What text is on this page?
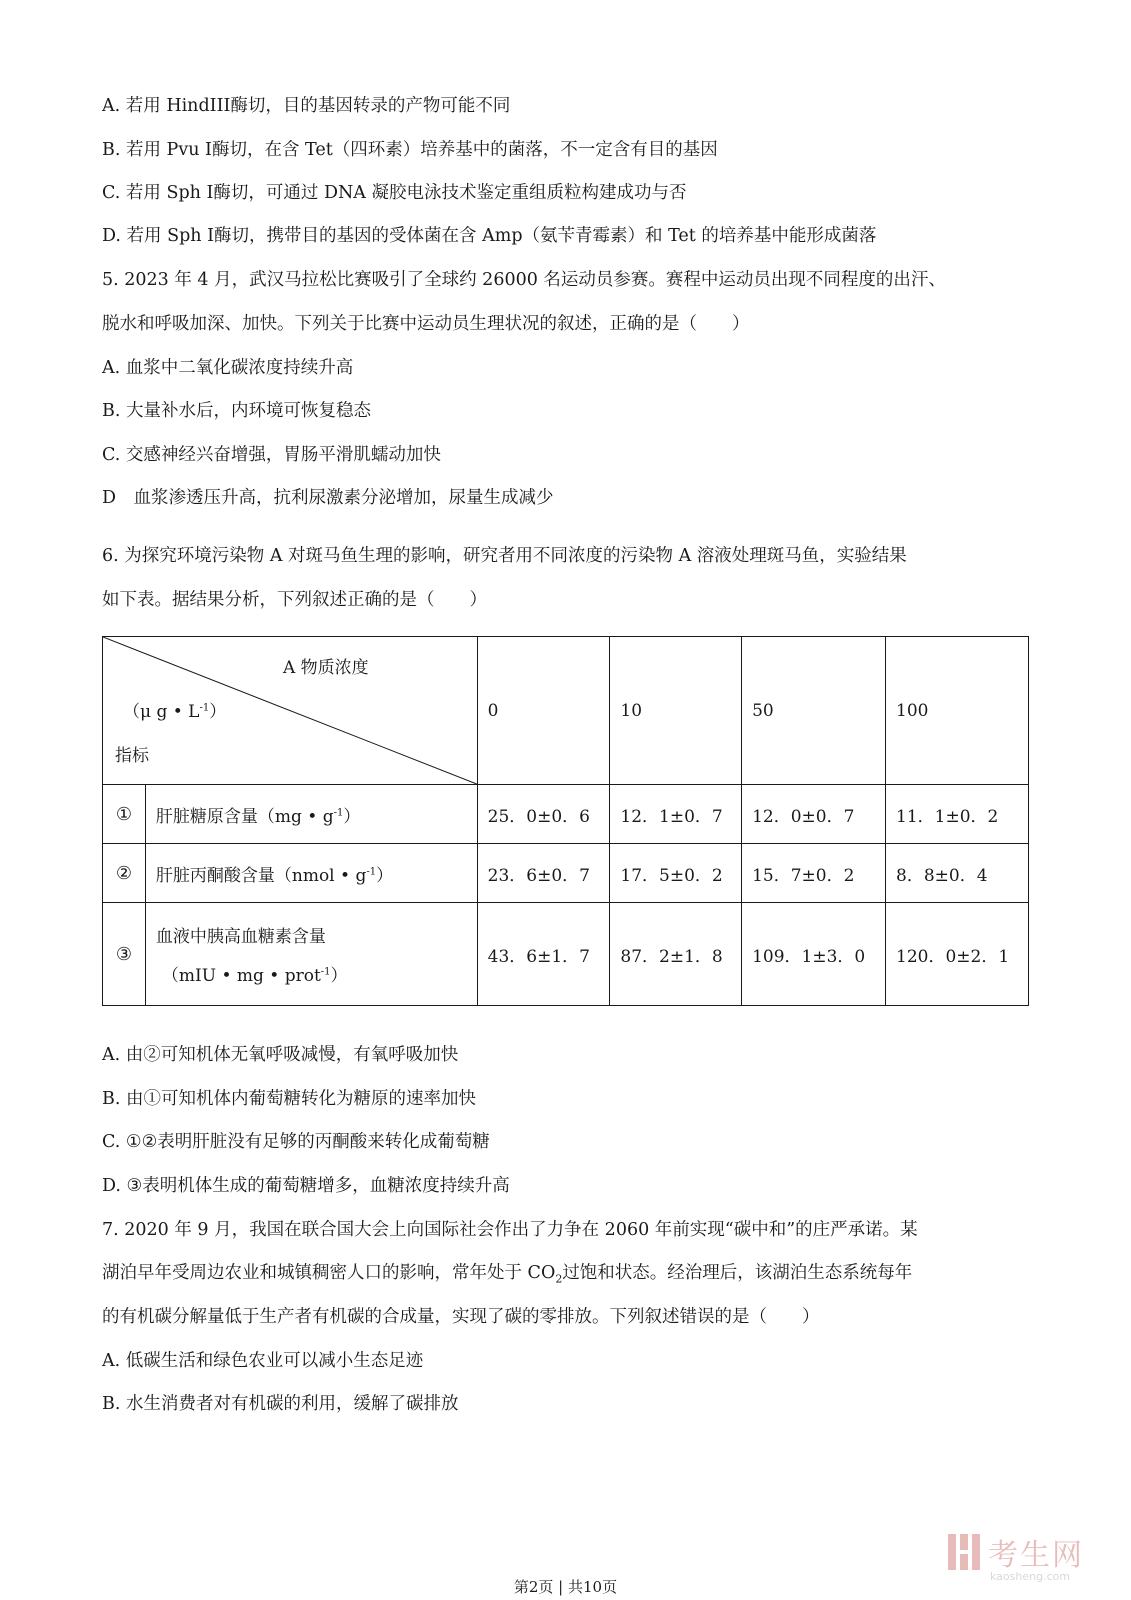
A. 若用 HindIII酶切，目的基因转录的产物可能不同
B. 若用 Pvu Ⅰ酶切，在含 Tet（四环素）培养基中的菌落，不一定含有目的基因
C. 若用 Sph Ⅰ酶切，可通过 DNA 凝胶电泳技术鉴定重组质粒构建成功与否
D. 若用 Sph Ⅰ酶切，携带目的基因的受体菌在含 Amp（氨苄青霉素）和 Tet 的培养基中能形成菌落
5. 2023 年 4 月，武汉马拉松比赛吸引了全球约 26000 名运动员参赛。赛程中运动员出现不同程度的出汗、
脱水和呼吸加深、加快。下列关于比赛中运动员生理状况的叙述，正确的是（　　）
A. 血浆中二氧化碳浓度持续升高
B. 大量补水后，内环境可恢复稳态
C. 交感神经兴奋增强，胃肠平滑肌蠕动加快
D　血浆渗透压升高，抗利尿激素分泌增加，尿量生成减少
6. 为探究环境污染物 A 对斑马鱼生理的影响，研究者用不同浓度的污染物 A 溶液处理斑马鱼，实验结果
如下表。据结果分析，下列叙述正确的是（　　）
A 物质浓度
（μ g • $L^{-1}$）
指标		0	10	50	100
①	肝脏糖原含量（mg • $g^{-1}$）	25．0±0．6	12．1±0．7	12．0±0．7	11．1±0．2
②	肝脏丙酮酸含量（nmol • $g^{-1}$）	23．6±0．7	17．5±0．2	15．7±0．2	8．8±0．4
③	血液中胰高血糖素含量
（mIU • mg • prot$^{-1}$）	43．6±1．7	87．2±1．8	109．1±3．0	120．0±2．1
A. 由②可知机体无氧呼吸减慢，有氧呼吸加快
B. 由①可知机体内葡萄糖转化为糖原的速率加快
C. ①②表明肝脏没有足够的丙酮酸来转化成葡萄糖
D. ③表明机体生成的葡萄糖增多，血糖浓度持续升高
7. 2020 年 9 月，我国在联合国大会上向国际社会作出了力争在 2060 年前实现“碳中和”的庄严承诺。某
湖泊早年受周边农业和城镇稠密人口的影响，常年处于 $CO_2$过饱和状态。经治理后，该湖泊生态系统每年
的有机碳分解量低于生产者有机碳的合成量，实现了碳的零排放。下列叙述错误的是（　　）
A. 低碳生活和绿色农业可以减小生态足迹
B. 水生消费者对有机碳的利用，缓解了碳排放
考生网
kaosheng.com
第2页 | 共10页
